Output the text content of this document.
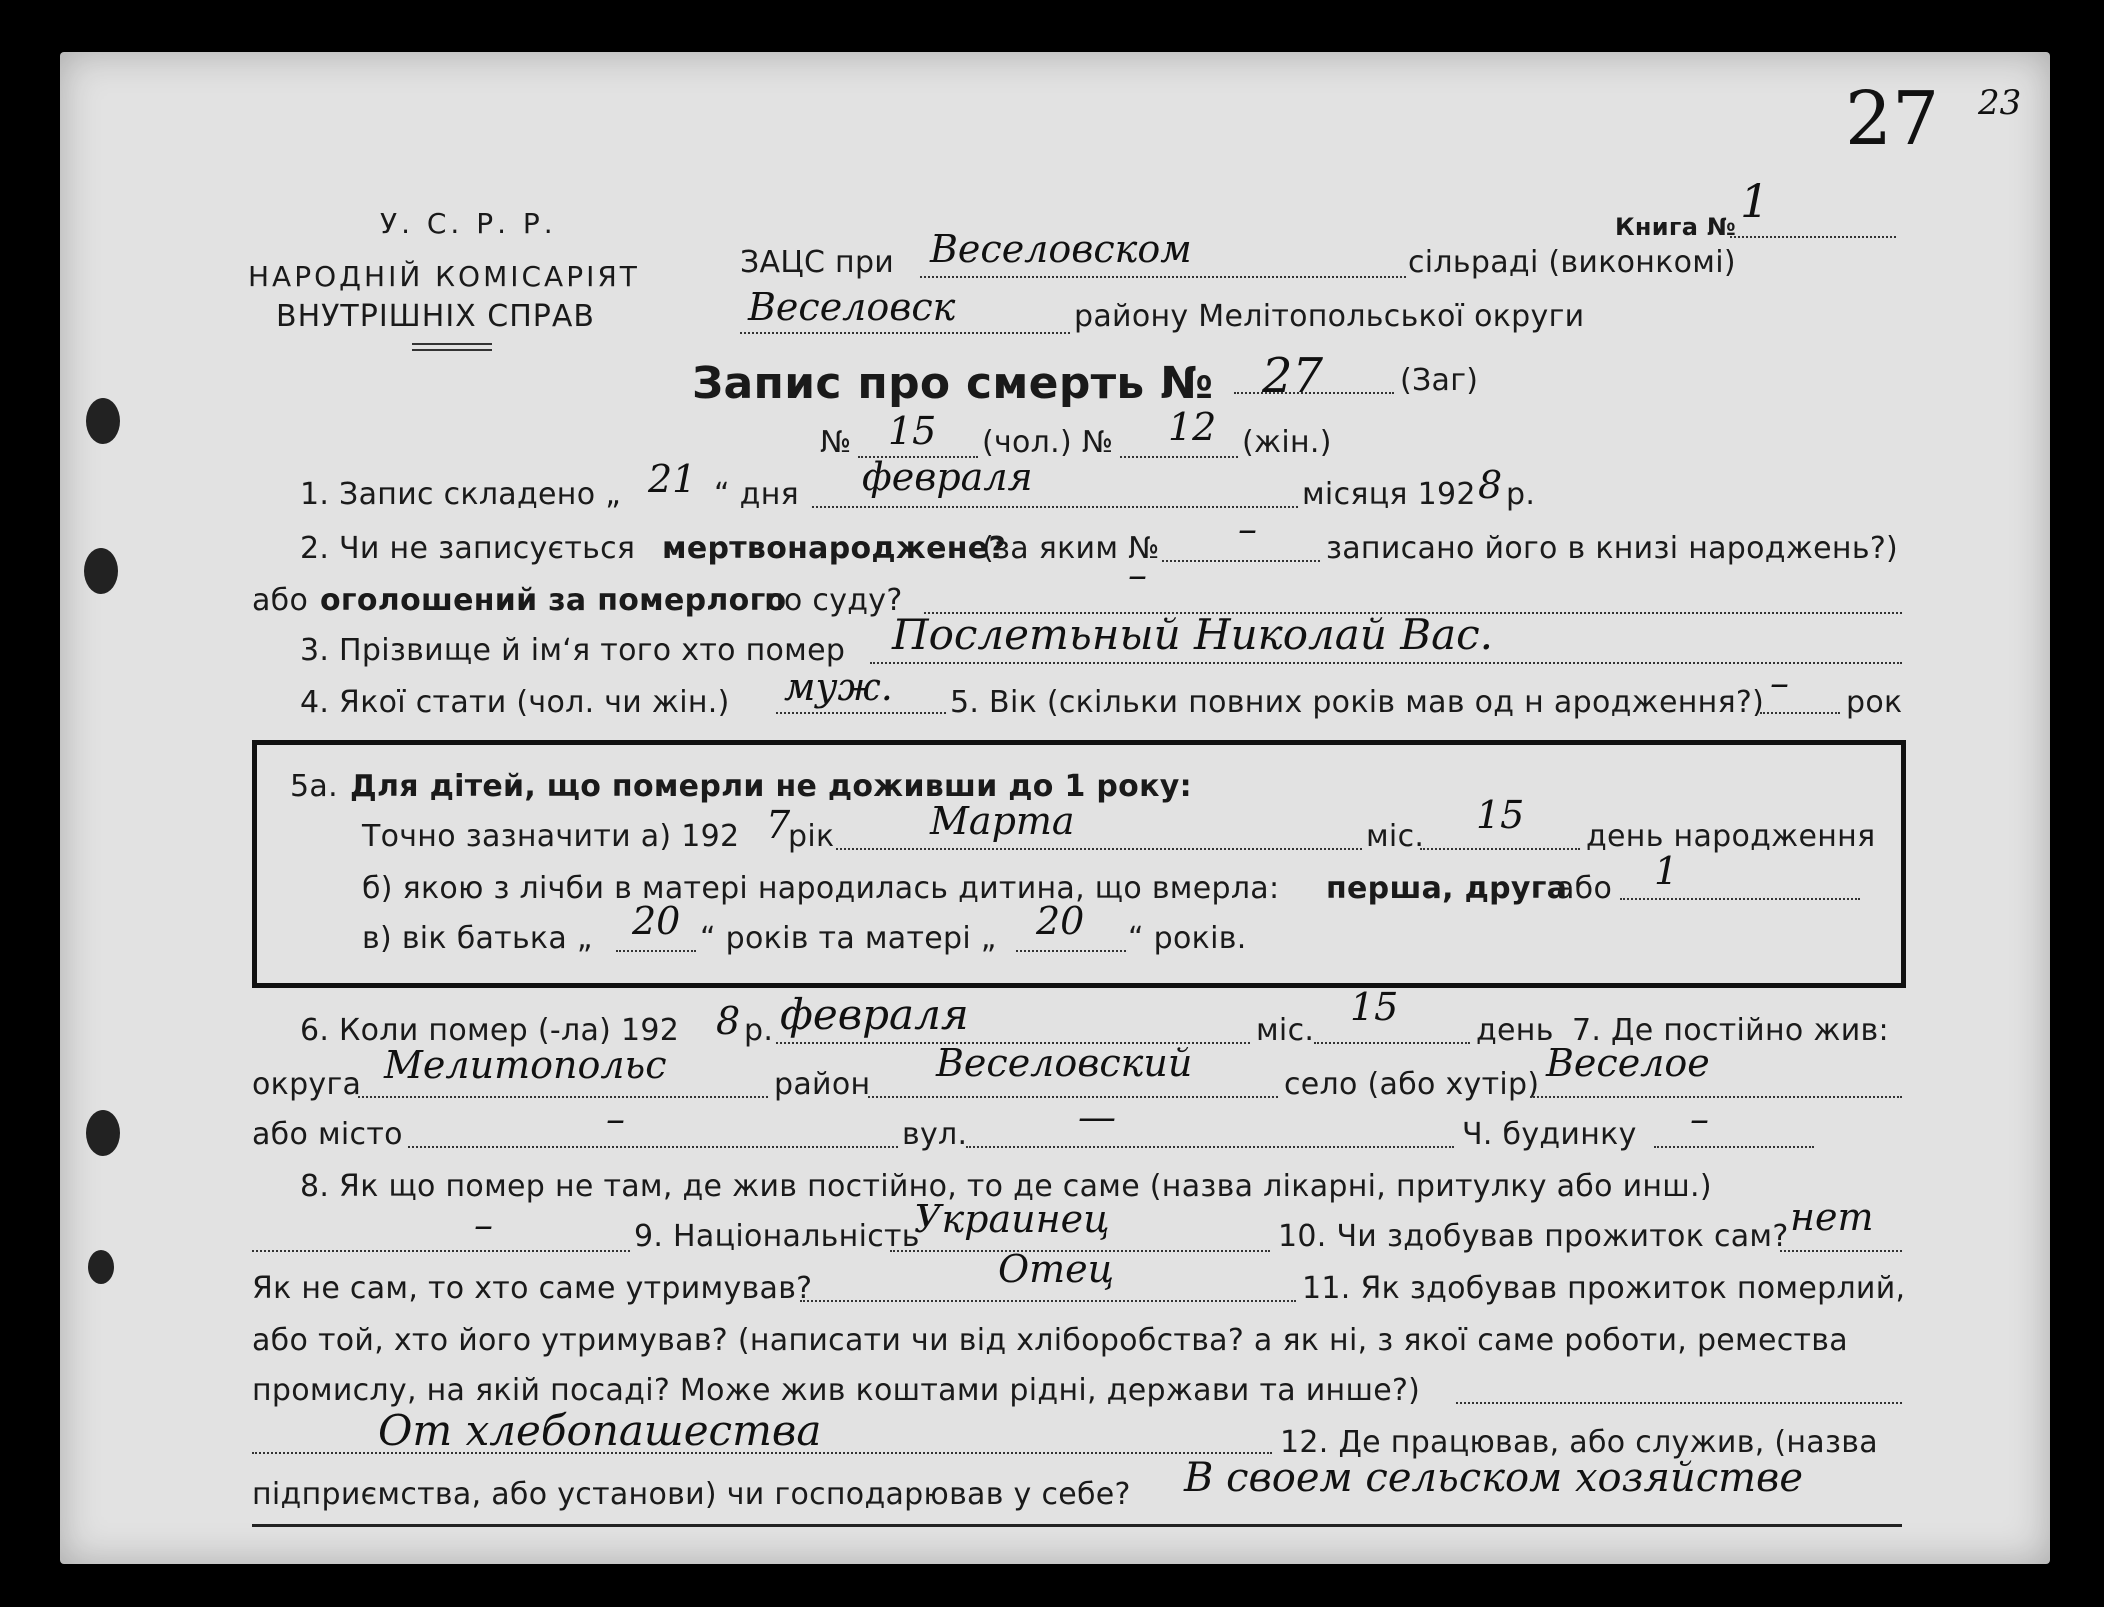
У. С. Р. Р.
НАРОДНІЙ КОМІСАРІЯТ
ВНУТРІШНІХ СПРАВ
Книга № 1
27 23
ЗАЦС при Веселовском	сільраді (виконкомі)
Веселовск	району Мелітопольської округи
Запис про смерть № 27	(Заг)
№ 15 (чол.) № 12 (жін.)
1. Запис складено „ 21 “ дня февраля	місяця 192 8 р.
2. Чи не записується мертвонароджене?
(за яким № – записано його в книзі народжень?)
або оголошений за померлого
по суду?
–
3. Прізвище й ім‘я того хто помер Послетьный Николай Вас.
4. Якої стати (чол. чи жін.) муж. 5. Вік (скільки повних років мав од н ародження?) – рок
5а. Для дітей, що померли не доживши до 1 року:
Точно зазначити а) 192 7
рік	Марта	міс. 15 день народження
б) якою з лічби в матері народилась дитина, що вмерла: перша, друга
або 1
в) вік батька „ 20 “ років та матері „ 20 “ років.
6. Коли помер (-ла) 192 8 р. февраля	міс.
15
день 7. Де постійно жив:
округа Мелитопольс	район Веселовский	село (або хутір) Веселое
або місто	–	вул.	—	Ч. будинку –
8. Як що помер не там, де жив постійно, то де саме (назва лікарні, притулку або инш.)
–	9. Національність
Украинец	10. Чи здобував прожиток сам? нет
Як не сам, то хто саме утримував?	Отец	11. Як здобував прожиток померлий,
або той, хто його утримував? (написати чи від хліборобства? а як ні, з якої саме роботи, ремества
промислу, на якій посаді? Може жив коштами рідні, держави та инше?)
От хлебопашества	12. Де працював, або служив, (назва
підприємства, або установи) чи господарював у себе? В своем сельском хозяйстве
